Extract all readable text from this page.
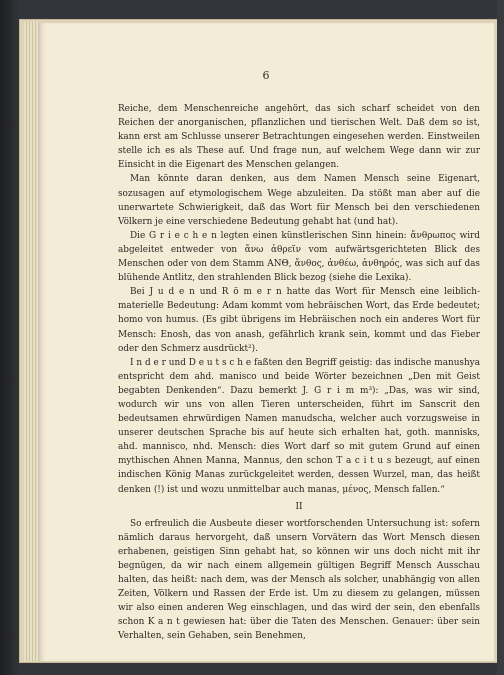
6

Reiche, dem Menschenreiche angehört, das sich scharf scheidet von den Reichen der anorganischen, pflanzlichen und tierischen Welt. Daß dem so ist, kann erst am Schlusse unserer Betrachtungen eingesehen werden. Einstweilen stelle ich es als These auf. Und frage nun, auf welchem Wege dann wir zur Einsicht in die Eigenart des Menschen gelangen.

Man könnte daran denken, aus dem Namen Mensch seine Eigenart, sozusagen auf etymologischem Wege abzuleiten. Da stößt man aber auf die unerwartete Schwierigkeit, daß das Wort für Mensch bei den verschiedenen Völkern je eine verschiedene Bedeutung gehabt hat (und hat).

Die G r i e c h e n legten einen künstlerischen Sinn hinein: ἄνθρωπος wird abgeleitet entweder von ἄνω ἀθρεῖν vom aufwärtsgerichteten Blick des Menschen oder von dem Stamm ΑΝΘ, ἄνθος, ἀνθέω, ἀνθηρός, was sich auf das blühende Antlitz, den strahlenden Blick bezog (siehe die Lexika).

Bei J u d e n und R ö m e r n hatte das Wort für Mensch eine leiblich-materielle Bedeutung: Adam kommt vom hebräischen Wort, das Erde bedeutet; homo von humus. (Es gibt übrigens im Hebräischen noch ein anderes Wort für Mensch: Enosh, das von anash, gefährlich krank sein, kommt und das Fieber oder den Schmerz ausdrückt²).

I n d e r und D e u t s c h e faßten den Begriff geistig: das indische manushya entspricht dem ahd. manisco und beide Wörter bezeichnen „Den mit Geist begabten Denkenden“. Dazu bemerkt J. G r i m m³): „Das, was wir sind, wodurch wir uns von allen Tieren unterscheiden, führt im Sanscrit den bedeutsamen ehrwürdigen Namen manudscha, welcher auch vorzugsweise in unserer deutschen Sprache bis auf heute sich erhalten hat, goth. mannisks, ahd. mannisco, nhd. Mensch: dies Wort darf so mit gutem Grund auf einen mythischen Ahnen Manna, Mannus, den schon T a c i t u s bezeugt, auf einen indischen König Manas zurückgeleitet werden, dessen Wurzel, man, das heißt denken (!) ist und wozu unmittelbar auch manas, μένος, Mensch fallen.“

II

So erfreulich die Ausbeute dieser wortforschenden Untersuchung ist: sofern nämlich daraus hervorgeht, daß unsern Vorvätern das Wort Mensch diesen erhabenen, geistigen Sinn gehabt hat, so können wir uns doch nicht mit ihr begnügen, da wir nach einem allgemein gültigen Begriff Mensch Ausschau halten, das heißt: nach dem, was der Mensch als solcher, unabhängig von allen Zeiten, Völkern und Rassen der Erde ist. Um zu diesem zu gelangen, müssen wir also einen anderen Weg einschlagen, und das wird der sein, den ebenfalls schon K a n t gewiesen hat: über die Taten des Menschen. Genauer: über sein Verhalten, sein Gehaben, sein Benehmen,
